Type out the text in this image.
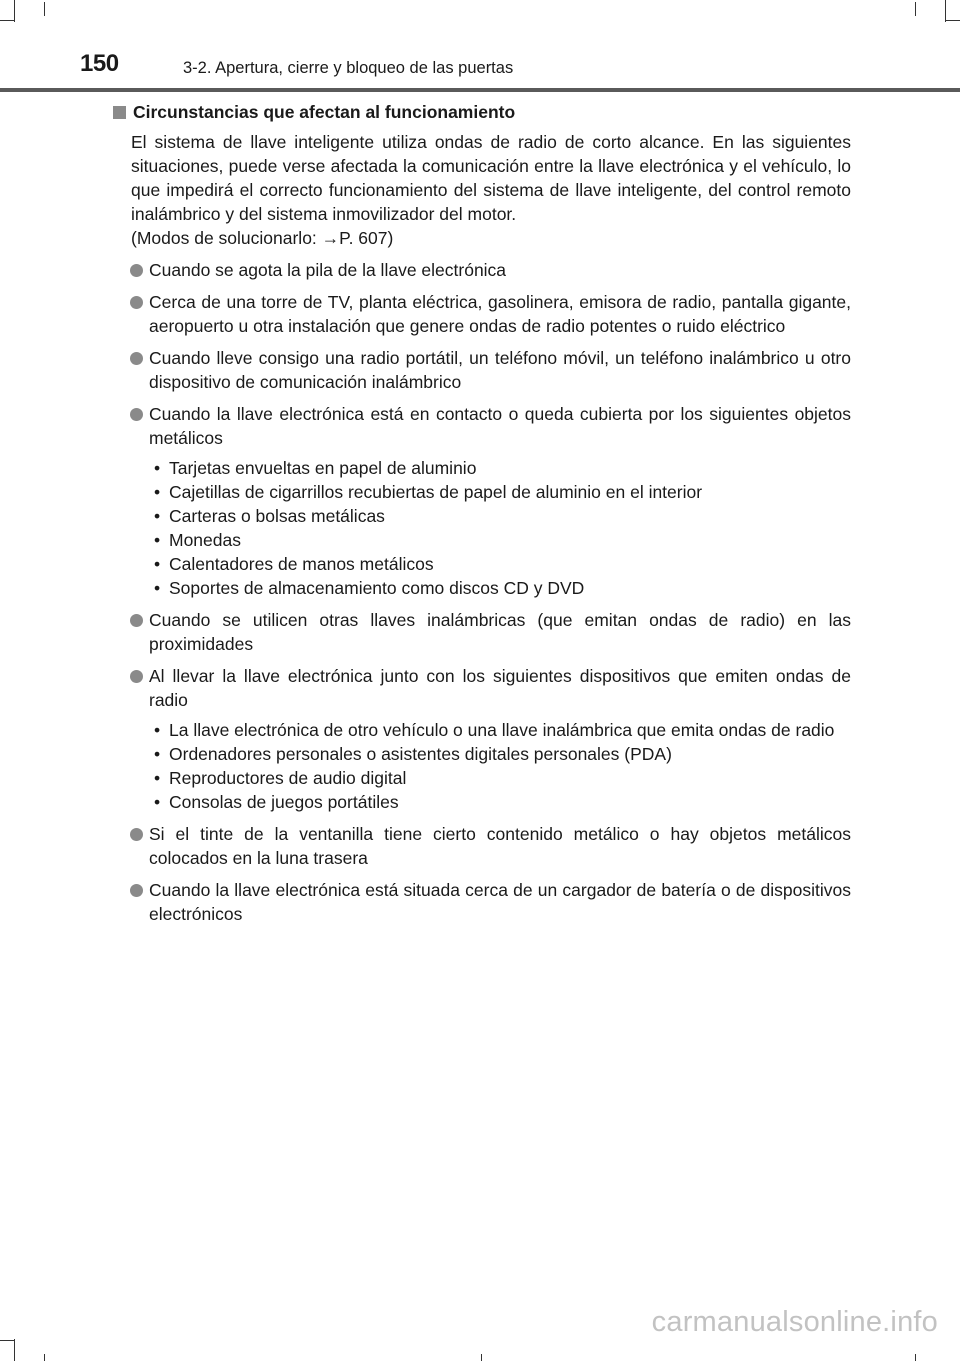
150	3-2. Apertura, cierre y bloqueo de las puertas
Circunstancias que afectan al funcionamiento
El sistema de llave inteligente utiliza ondas de radio de corto alcance. En las siguientes situaciones, puede verse afectada la comunicación entre la llave electrónica y el vehículo, lo que impedirá el correcto funcionamiento del sistema de llave inteligente, del control remoto inalámbrico y del sistema inmovilizador del motor.
(Modos de solucionarlo: →P. 607)
Cuando se agota la pila de la llave electrónica
Cerca de una torre de TV, planta eléctrica, gasolinera, emisora de radio, pantalla gigante, aeropuerto u otra instalación que genere ondas de radio potentes o ruido eléctrico
Cuando lleve consigo una radio portátil, un teléfono móvil, un teléfono inalámbrico u otro dispositivo de comunicación inalámbrico
Cuando la llave electrónica está en contacto o queda cubierta por los siguientes objetos metálicos
• Tarjetas envueltas en papel de aluminio
• Cajetillas de cigarrillos recubiertas de papel de aluminio en el interior
• Carteras o bolsas metálicas
• Monedas
• Calentadores de manos metálicos
• Soportes de almacenamiento como discos CD y DVD
Cuando se utilicen otras llaves inalámbricas (que emitan ondas de radio) en las proximidades
Al llevar la llave electrónica junto con los siguientes dispositivos que emiten ondas de radio
• La llave electrónica de otro vehículo o una llave inalámbrica que emita ondas de radio
• Ordenadores personales o asistentes digitales personales (PDA)
• Reproductores de audio digital
• Consolas de juegos portátiles
Si el tinte de la ventanilla tiene cierto contenido metálico o hay objetos metálicos colocados en la luna trasera
Cuando la llave electrónica está situada cerca de un cargador de batería o de dispositivos electrónicos
carmanualsonline.info
